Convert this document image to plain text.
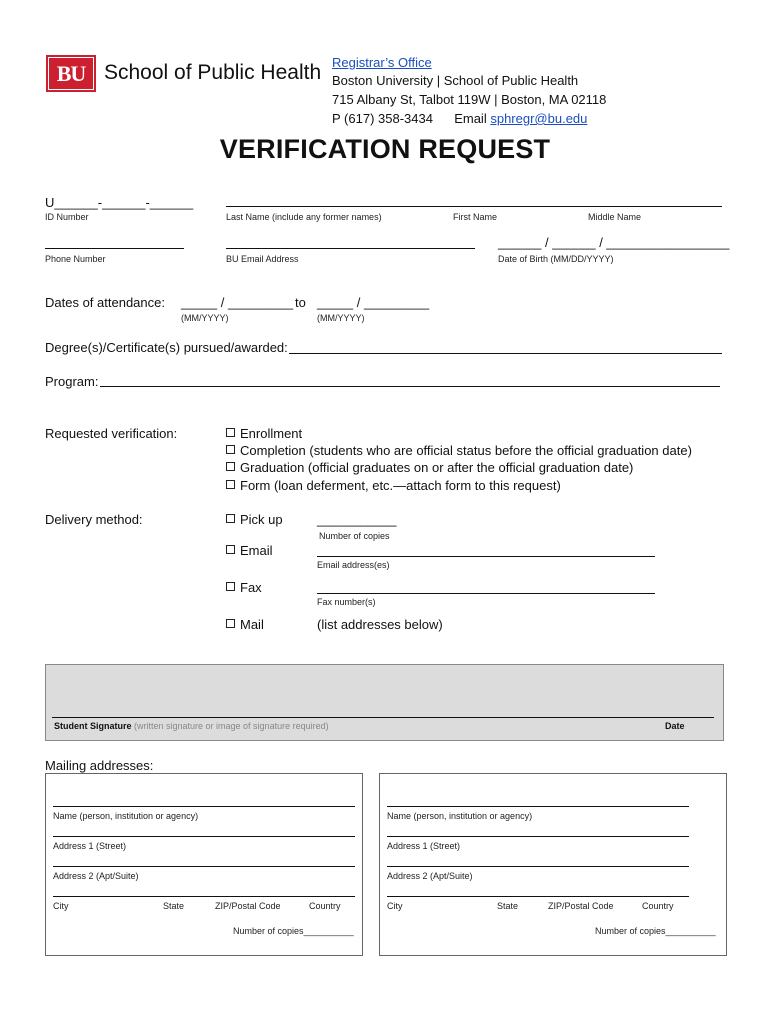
BU School of Public Health Registrar’s Office
Boston University | School of Public Health
715 Albany St, Talbot 119W | Boston, MA 02118
P (617) 358-3434 Email sphregr@bu.edu
VERIFICATION REQUEST
U______-______-______
ID Number	Last Name (include any former names)	First Name	Middle Name
______ / ______ / _________________
Phone Number	BU Email Address	Date of Birth (MM/DD/YYYY)
Dates of attendance: _____ / _________ to _____ / _________
(MM/YYYY)	(MM/YYYY)
Degree(s)/Certificate(s) pursued/awarded:
Program:
Requested verification:	Enrollment
Completion (students who are official status before the official graduation date)
Graduation (official graduates on or after the official graduation date)
Form (loan deferment, etc.—attach form to this request)
Delivery method:	Pick up	___________
Number of copies
Email
Email address(es)
Fax
Fax number(s)
Mail	(list addresses below)
Student Signature (written signature or image of signature required)	Date
Mailing addresses:
Name (person, institution or agency)
Address 1 (Street)
Address 2 (Apt/Suite)
City	State	ZIP/Postal Code	Country
Number of copies__________
Name (person, institution or agency)
Address 1 (Street)
Address 2 (Apt/Suite)
City	State	ZIP/Postal Code	Country
Number of copies__________
